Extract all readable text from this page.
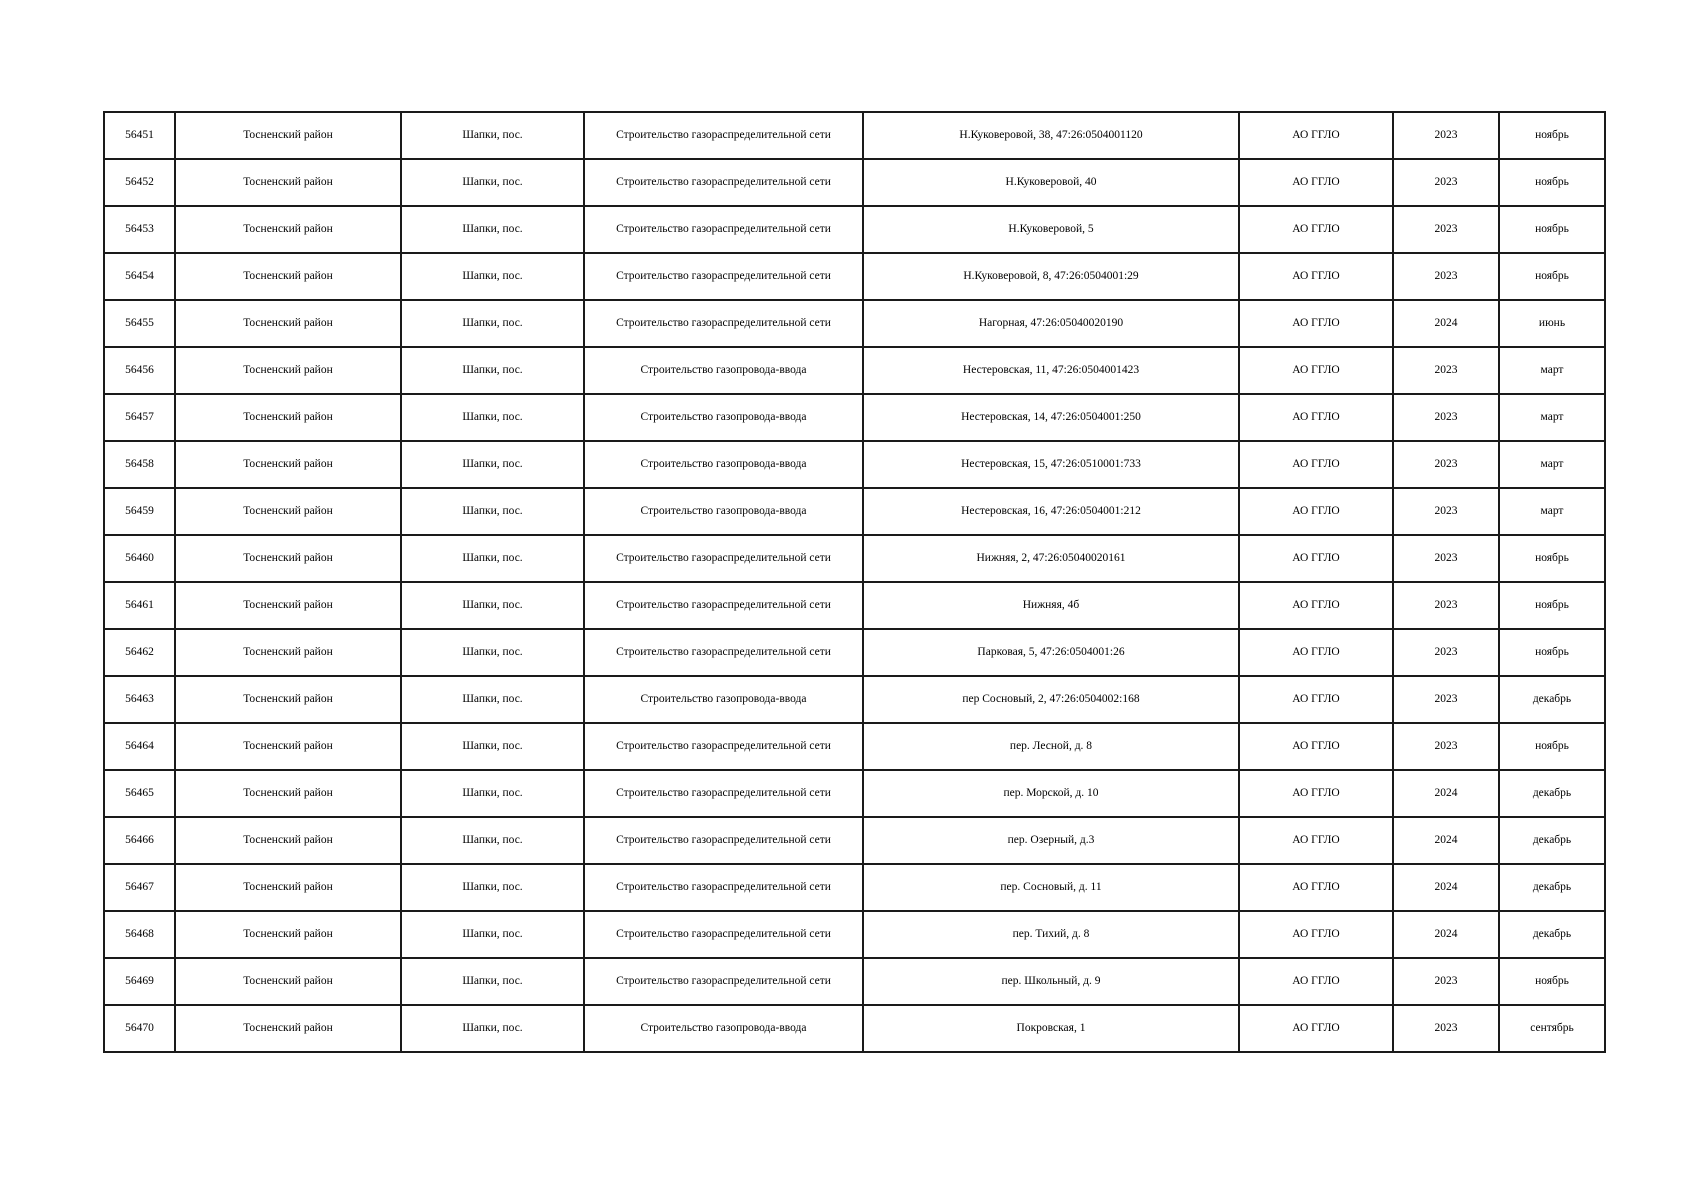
56451	Тосненский район	Шапки, пос.	Строительство газораспределительной сети	Н.Куковеровой, 38, 47:26:0504001120	АО ГГЛО	2023	ноябрь
56452	Тосненский район	Шапки, пос.	Строительство газораспределительной сети	Н.Куковеровой, 40	АО ГГЛО	2023	ноябрь
56453	Тосненский район	Шапки, пос.	Строительство газораспределительной сети	Н.Куковеровой, 5	АО ГГЛО	2023	ноябрь
56454	Тосненский район	Шапки, пос.	Строительство газораспределительной сети	Н.Куковеровой, 8, 47:26:0504001:29	АО ГГЛО	2023	ноябрь
56455	Тосненский район	Шапки, пос.	Строительство газораспределительной сети	Нагорная, 47:26:05040020190	АО ГГЛО	2024	июнь
56456	Тосненский район	Шапки, пос.	Строительство газопровода-ввода	Нестеровская, 11, 47:26:0504001423	АО ГГЛО	2023	март
56457	Тосненский район	Шапки, пос.	Строительство газопровода-ввода	Нестеровская, 14, 47:26:0504001:250	АО ГГЛО	2023	март
56458	Тосненский район	Шапки, пос.	Строительство газопровода-ввода	Нестеровская, 15, 47:26:0510001:733	АО ГГЛО	2023	март
56459	Тосненский район	Шапки, пос.	Строительство газопровода-ввода	Нестеровская, 16, 47:26:0504001:212	АО ГГЛО	2023	март
56460	Тосненский район	Шапки, пос.	Строительство газораспределительной сети	Нижняя, 2, 47:26:05040020161	АО ГГЛО	2023	ноябрь
56461	Тосненский район	Шапки, пос.	Строительство газораспределительной сети	Нижняя, 4б	АО ГГЛО	2023	ноябрь
56462	Тосненский район	Шапки, пос.	Строительство газораспределительной сети	Парковая, 5, 47:26:0504001:26	АО ГГЛО	2023	ноябрь
56463	Тосненский район	Шапки, пос.	Строительство газопровода-ввода	пер Сосновый, 2, 47:26:0504002:168	АО ГГЛО	2023	декабрь
56464	Тосненский район	Шапки, пос.	Строительство газораспределительной сети	пер. Лесной, д. 8	АО ГГЛО	2023	ноябрь
56465	Тосненский район	Шапки, пос.	Строительство газораспределительной сети	пер. Морской, д. 10	АО ГГЛО	2024	декабрь
56466	Тосненский район	Шапки, пос.	Строительство газораспределительной сети	пер. Озерный, д.3	АО ГГЛО	2024	декабрь
56467	Тосненский район	Шапки, пос.	Строительство газораспределительной сети	пер. Сосновый, д. 11	АО ГГЛО	2024	декабрь
56468	Тосненский район	Шапки, пос.	Строительство газораспределительной сети	пер. Тихий, д. 8	АО ГГЛО	2024	декабрь
56469	Тосненский район	Шапки, пос.	Строительство газораспределительной сети	пер. Школьный, д. 9	АО ГГЛО	2023	ноябрь
56470	Тосненский район	Шапки, пос.	Строительство газопровода-ввода	Покровская, 1	АО ГГЛО	2023	сентябрь
